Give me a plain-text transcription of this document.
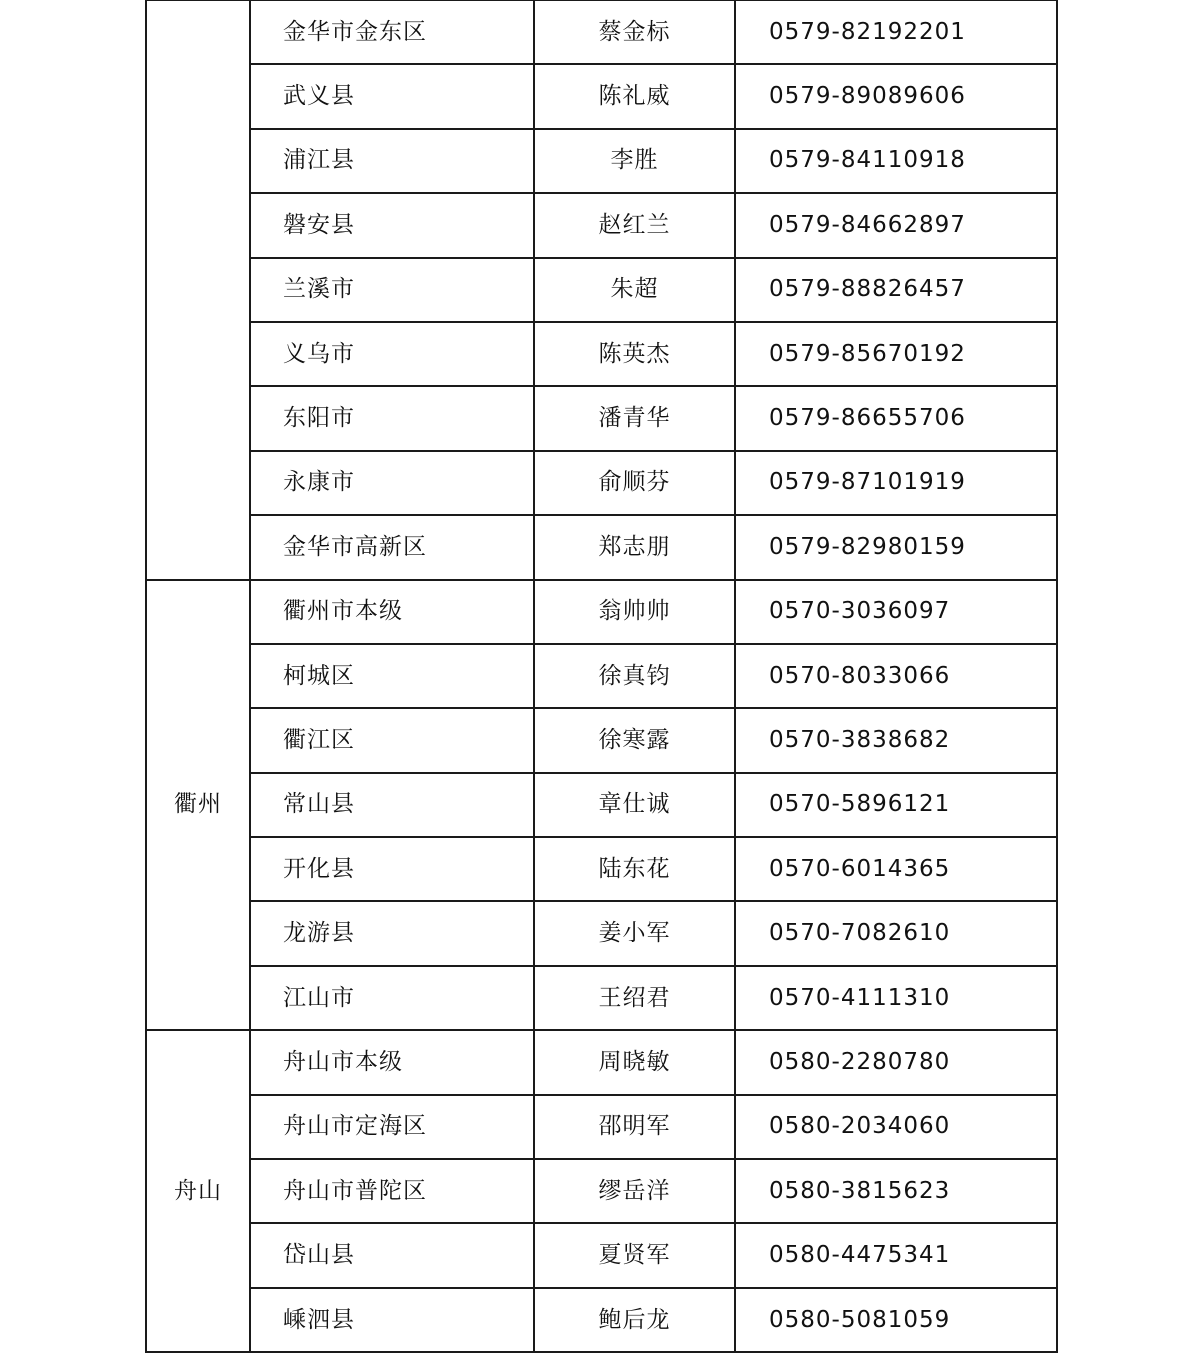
	金华市金东区	蔡金标	0579-82192201
	武义县	陈礼威	0579-89089606
	浦江县	李胜	0579-84110918
	磐安县	赵红兰	0579-84662897
	兰溪市	朱超	0579-88826457
	义乌市	陈英杰	0579-85670192
	东阳市	潘青华	0579-86655706
	永康市	俞顺芬	0579-87101919
	金华市高新区	郑志朋	0579-82980159
衢州	衢州市本级	翁帅帅	0570-3036097
	柯城区	徐真钧	0570-8033066
	衢江区	徐寒露	0570-3838682
	常山县	章仕诚	0570-5896121
	开化县	陆东花	0570-6014365
	龙游县	姜小军	0570-7082610
	江山市	王绍君	0570-4111310
舟山	舟山市本级	周晓敏	0580-2280780
	舟山市定海区	邵明军	0580-2034060
	舟山市普陀区	缪岳洋	0580-3815623
	岱山县	夏贤军	0580-4475341
	嵊泗县	鲍后龙	0580-5081059
